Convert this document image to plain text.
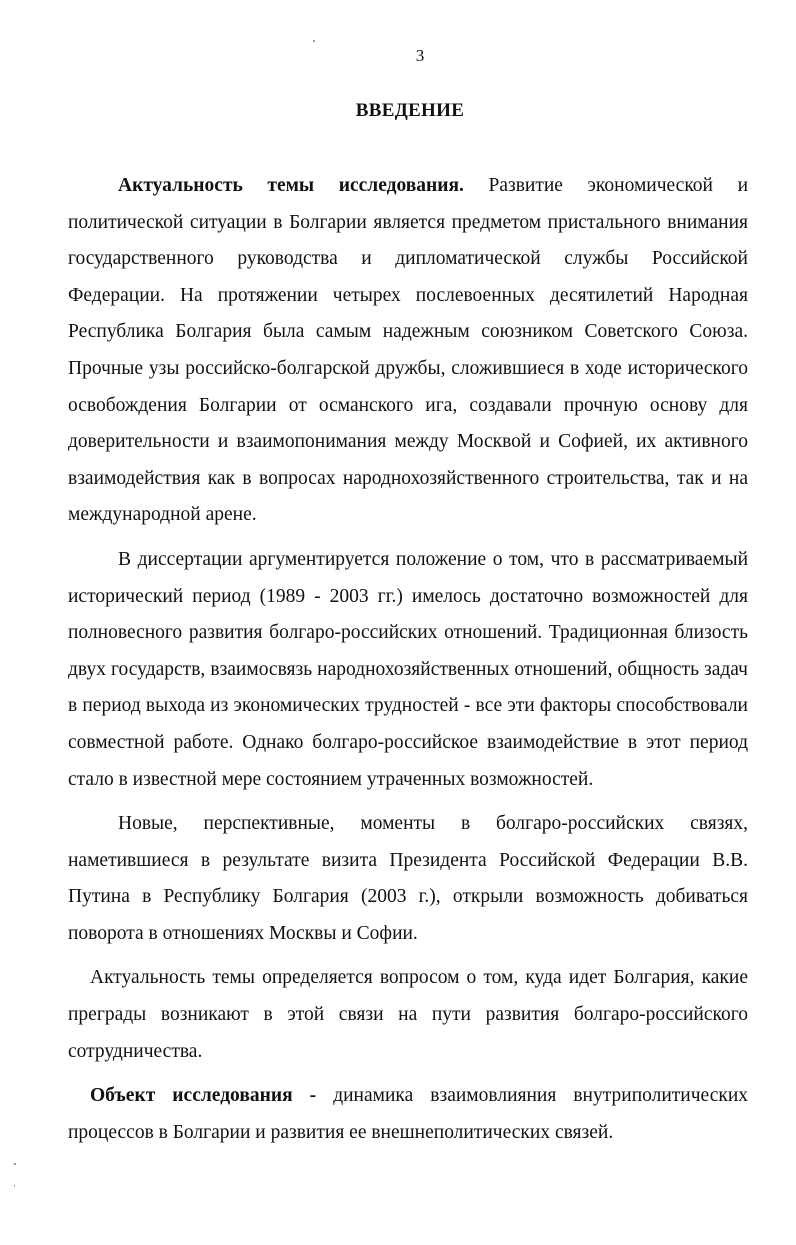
3
ВВЕДЕНИЕ

Актуальность темы исследования. Развитие экономической и политической ситуации в Болгарии является предметом пристального внимания государственного руководства и дипломатической службы Российской Федерации. На протяжении четырех послевоенных десятилетий Народная Республика Болгария была самым надежным союзником Советского Союза. Прочные узы российско-болгарской дружбы, сложившиеся в ходе исторического освобождения Болгарии от османского ига, создавали прочную основу для доверительности и взаимопонимания между Москвой и Софией, их активного взаимодействия как в вопросах народнохозяйственного строительства, так и на международной арене.

В диссертации аргументируется положение о том, что в рассматриваемый исторический период (1989 - 2003 гг.) имелось достаточно возможностей для полновесного развития болгаро-российских отношений. Традиционная близость двух государств, взаимосвязь народнохозяйственных отношений, общность задач в период выхода из экономических трудностей - все эти факторы способствовали совместной работе. Однако болгаро-российское взаимодействие в этот период стало в известной мере состоянием утраченных возможностей.

Новые, перспективные, моменты в болгаро-российских связях, наметившиеся в результате визита Президента Российской Федерации В.В. Путина в Республику Болгария (2003 г.), открыли возможность добиваться поворота в отношениях Москвы и Софии.

Актуальность темы определяется вопросом о том, куда идет Болгария, какие преграды возникают в этой связи на пути развития болгаро-российского сотрудничества.

Объект исследования - динамика взаимовлияния внутриполитических процессов в Болгарии и развития ее внешнеполитических связей.
